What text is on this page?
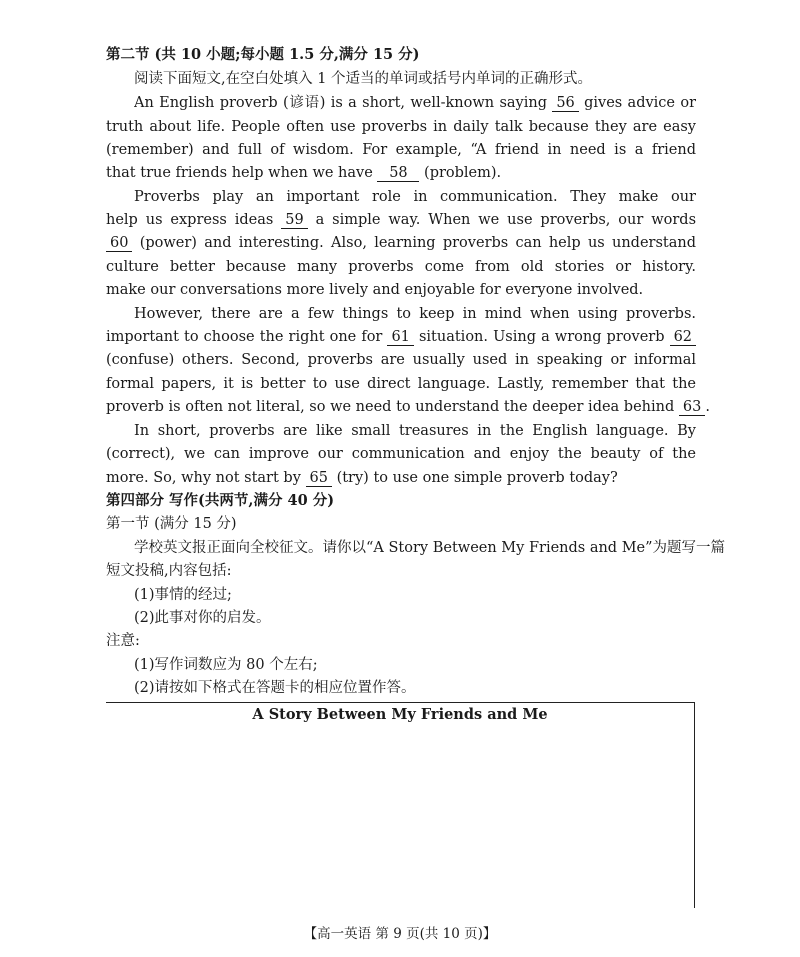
第二节 (共 10 小题;每小题 1.5 分,满分 15 分)
阅读下面短文,在空白处填入 1 个适当的单词或括号内单词的正确形式。
An English proverb (谚语) is a short, well-known saying 56 gives advice or
truth about life. People often use proverbs in daily talk because they are easy
(remember) and full of wisdom. For example, “A friend in need is a friend
that true friends help when we have 58 (problem).
Proverbs play an important role in communication. They make our
help us express ideas 59 a simple way. When we use proverbs, our words
60 (power) and interesting. Also, learning proverbs can help us understand
culture better because many proverbs come from old stories or history.
make our conversations more lively and enjoyable for everyone involved.
However, there are a few things to keep in mind when using proverbs.
important to choose the right one for 61 situation. Using a wrong proverb 62
(confuse) others. Second, proverbs are usually used in speaking or informal
formal papers, it is better to use direct language. Lastly, remember that the
proverb is often not literal, so we need to understand the deeper idea behind 63 .
In short, proverbs are like small treasures in the English language. By
(correct), we can improve our communication and enjoy the beauty of the
more. So, why not start by 65 (try) to use one simple proverb today?
第四部分 写作(共两节,满分 40 分)
第一节 (满分 15 分)
学校英文报正面向全校征文。请你以“A Story Between My Friends and Me”为题写一篇
短文投稿,内容包括:
(1)事情的经过;
(2)此事对你的启发。
注意:
(1)写作词数应为 80 个左右;
(2)请按如下格式在答题卡的相应位置作答。
A Story Between My Friends and Me
【高一英语 第 9 页(共 10 页)】
